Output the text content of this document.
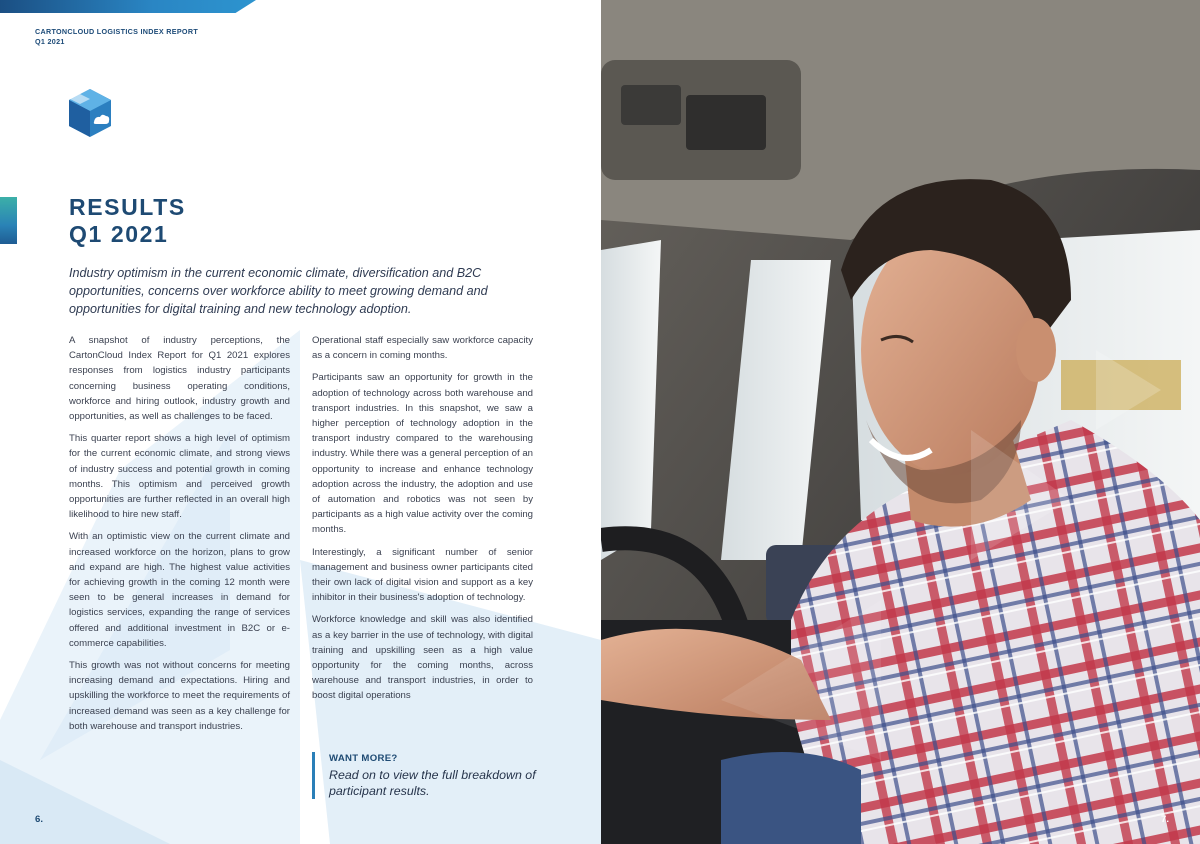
CARTONCLOUD LOGISTICS INDEX REPORT
Q1 2021
RESULTS
Q1 2021
Industry optimism in the current economic climate, diversification and B2C opportunities, concerns over workforce ability to meet growing demand and opportunities for digital training and new technology adoption.

A snapshot of industry perceptions, the CartonCloud Index Report for Q1 2021 explores responses from logistics industry participants concerning business operating conditions, workforce and hiring outlook, industry growth and opportunities, as well as challenges to be faced.

This quarter report shows a high level of optimism for the current economic climate, and strong views of industry success and potential growth in coming months. This optimism and perceived growth opportunities are further reflected in an overall high likelihood to hire new staff.

With an optimistic view on the current climate and increased workforce on the horizon, plans to grow and expand are high. The highest value activities for achieving growth in the coming 12 month were seen to be general increases in demand for logistics services, expanding the range of services offered and additional investment in B2C or e-commerce capabilities.

This growth was not without concerns for meeting increasing demand and expectations. Hiring and upskilling the workforce to meet the requirements of increased demand was seen as a key challenge for both warehouse and transport industries.

Operational staff especially saw workforce capacity as a concern in coming months.

Participants saw an opportunity for growth in the adoption of technology across both warehouse and transport industries. In this snapshot, we saw a higher perception of technology adoption in the transport industry compared to the warehousing industry. While there was a general perception of an opportunity to increase and enhance technology adoption across the industry, the adoption and use of automation and robotics was not seen by participants as a high value activity over the coming months.

Interestingly, a significant number of senior management and business owner participants cited their own lack of digital vision and support as a key inhibitor in their business's adoption of technology.

Workforce knowledge and skill was also identified as a key barrier in the use of technology, with digital training and upskilling seen as a high value opportunity for the coming months, across warehouse and transport industries, in order to boost digital operations

WANT MORE?
Read on to view the full breakdown of participant results.
6.	7.
